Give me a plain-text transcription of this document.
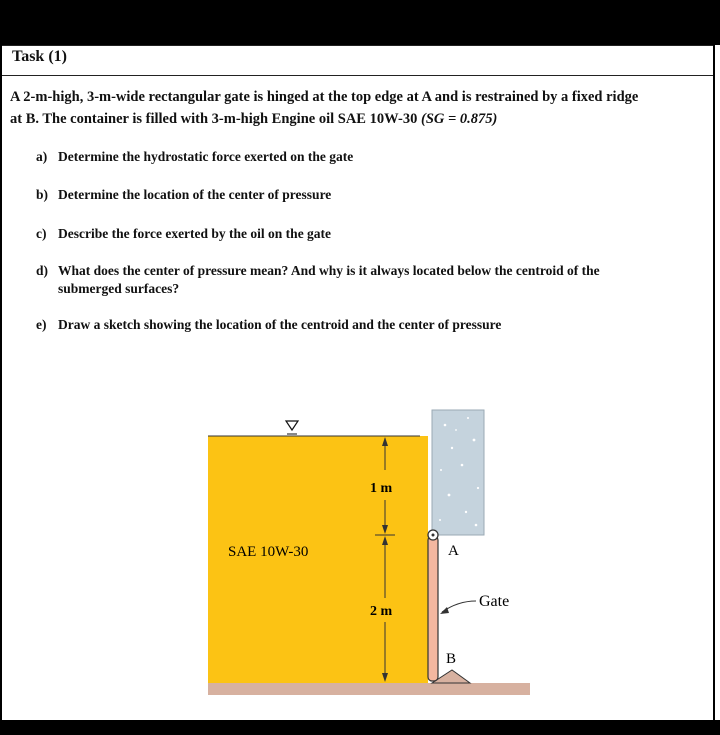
Task (1)
A 2-m-high, 3-m-wide rectangular gate is hinged at the top edge at A and is restrained by a fixed ridge
at B. The container is filled with 3-m-high Engine oil SAE 10W-30 (SG = 0.875)
a) Determine the hydrostatic force exerted on the gate
b) Determine the location of the center of pressure
c) Describe the force exerted by the oil on the gate
d) What does the center of pressure mean? And why is it always located below the centroid of the
submerged surfaces?
e) Draw a sketch showing the location of the centroid and the center of pressure
1 m
2 m
SAE 10W-30	A
B
Gate
